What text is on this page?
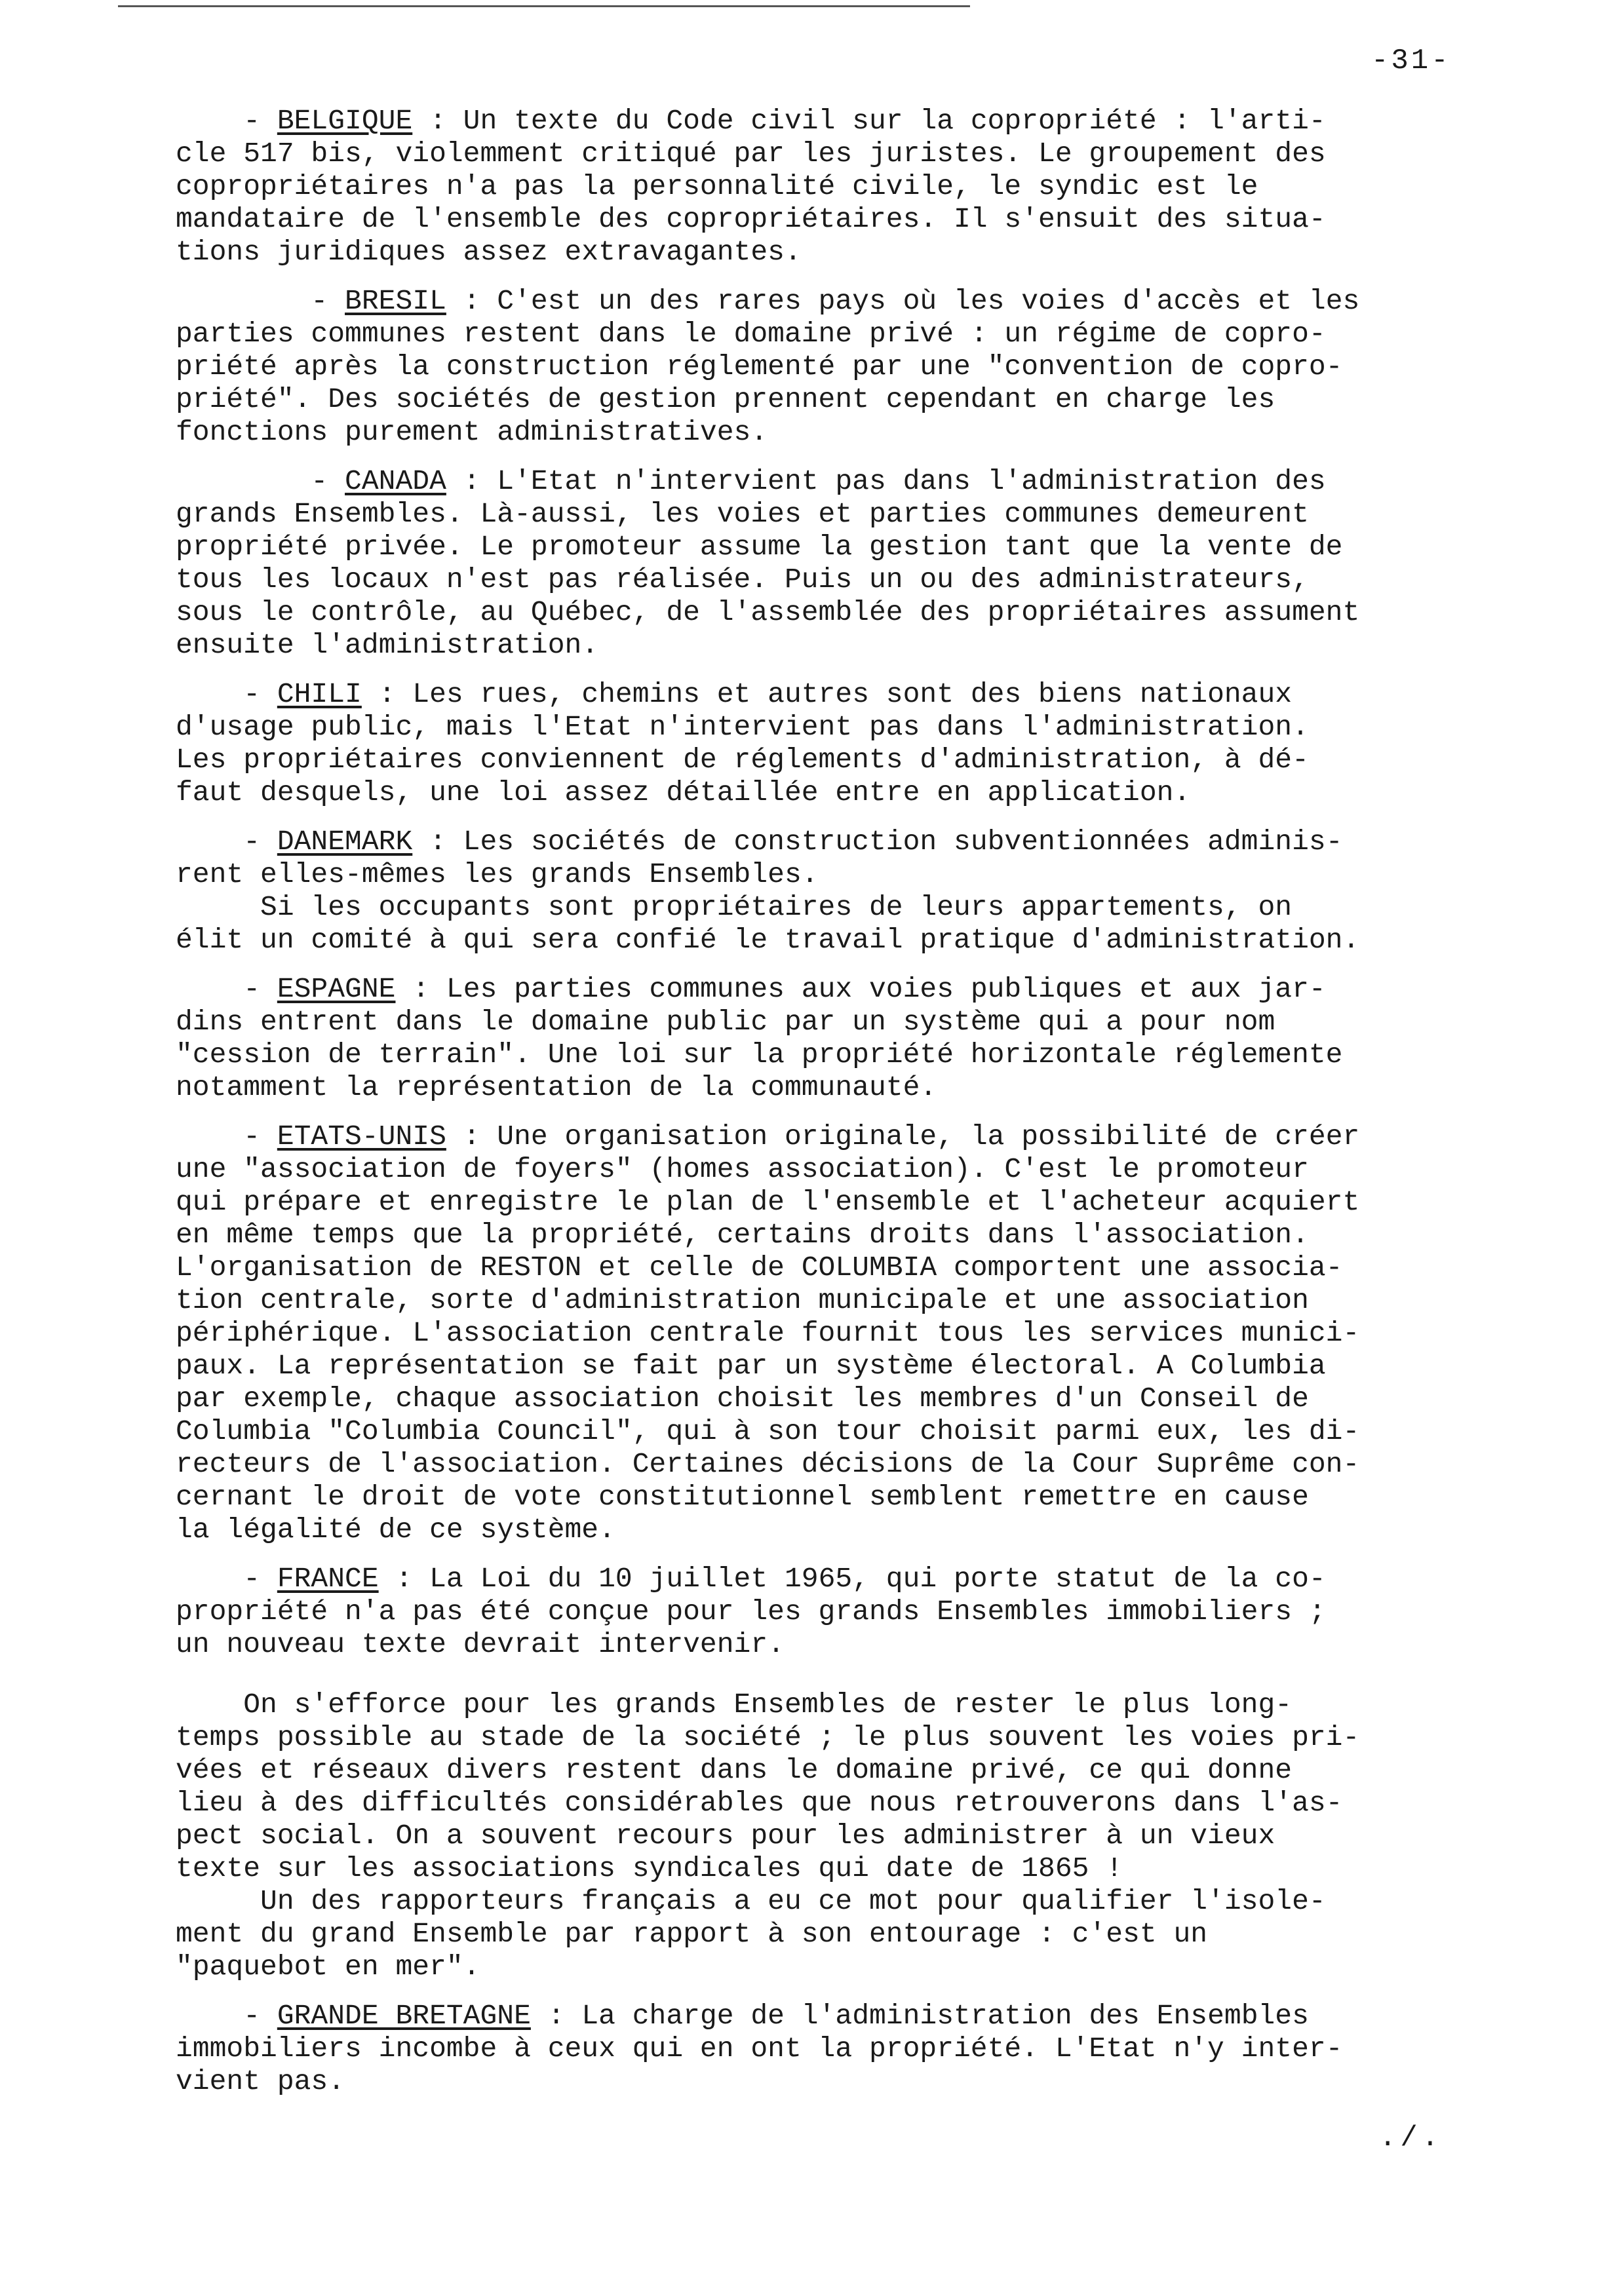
-31-
- BELGIQUE : Un texte du Code civil sur la copropriété : l'arti-
cle 517 bis, violemment critiqué par les juristes. Le groupement des
copropriétaires n'a pas la personnalité civile, le syndic est le
mandataire de l'ensemble des copropriétaires. Il s'ensuit des situa-
tions juridiques assez extravagantes.
- BRESIL : C'est un des rares pays où les voies d'accès et les
parties communes restent dans le domaine privé : un régime de copro-
priété après la construction réglementé par une "convention de copro-
priété". Des sociétés de gestion prennent cependant en charge les
fonctions purement administratives.
- CANADA : L'Etat n'intervient pas dans l'administration des
grands Ensembles. Là-aussi, les voies et parties communes demeurent
propriété privée. Le promoteur assume la gestion tant que la vente de
tous les locaux n'est pas réalisée. Puis un ou des administrateurs,
sous le contrôle, au Québec, de l'assemblée des propriétaires assument
ensuite l'administration.
- CHILI : Les rues, chemins et autres sont des biens nationaux
d'usage public, mais l'Etat n'intervient pas dans l'administration.
Les propriétaires conviennent de réglements d'administration, à dé-
faut desquels, une loi assez détaillée entre en application.
- DANEMARK : Les sociétés de construction subventionnées adminis-
rent elles-mêmes les grands Ensembles.
Si les occupants sont propriétaires de leurs appartements, on
élit un comité à qui sera confié le travail pratique d'administration.
- ESPAGNE : Les parties communes aux voies publiques et aux jar-
dins entrent dans le domaine public par un système qui a pour nom
"cession de terrain". Une loi sur la propriété horizontale réglemente
notamment la représentation de la communauté.
- ETATS-UNIS : Une organisation originale, la possibilité de créer
une "association de foyers" (homes association). C'est le promoteur
qui prépare et enregistre le plan de l'ensemble et l'acheteur acquiert
en même temps que la propriété, certains droits dans l'association.
L'organisation de RESTON et celle de COLUMBIA comportent une associa-
tion centrale, sorte d'administration municipale et une association
périphérique. L'association centrale fournit tous les services munici-
paux. La représentation se fait par un système électoral. A Columbia
par exemple, chaque association choisit les membres d'un Conseil de
Columbia "Columbia Council", qui à son tour choisit parmi eux, les di-
recteurs de l'association. Certaines décisions de la Cour Suprême con-
cernant le droit de vote constitutionnel semblent remettre en cause
la légalité de ce système.
- FRANCE : La Loi du 10 juillet 1965, qui porte statut de la co-
propriété n'a pas été conçue pour les grands Ensembles immobiliers ;
un nouveau texte devrait intervenir.
On s'efforce pour les grands Ensembles de rester le plus long-
temps possible au stade de la société ; le plus souvent les voies pri-
vées et réseaux divers restent dans le domaine privé, ce qui donne
lieu à des difficultés considérables que nous retrouverons dans l'as-
pect social. On a souvent recours pour les administrer à un vieux
texte sur les associations syndicales qui date de 1865 !
Un des rapporteurs français a eu ce mot pour qualifier l'isole-
ment du grand Ensemble par rapport à son entourage : c'est un
"paquebot en mer".
- GRANDE BRETAGNE : La charge de l'administration des Ensembles
immobiliers incombe à ceux qui en ont la propriété. L'Etat n'y inter-
vient pas.
./.
